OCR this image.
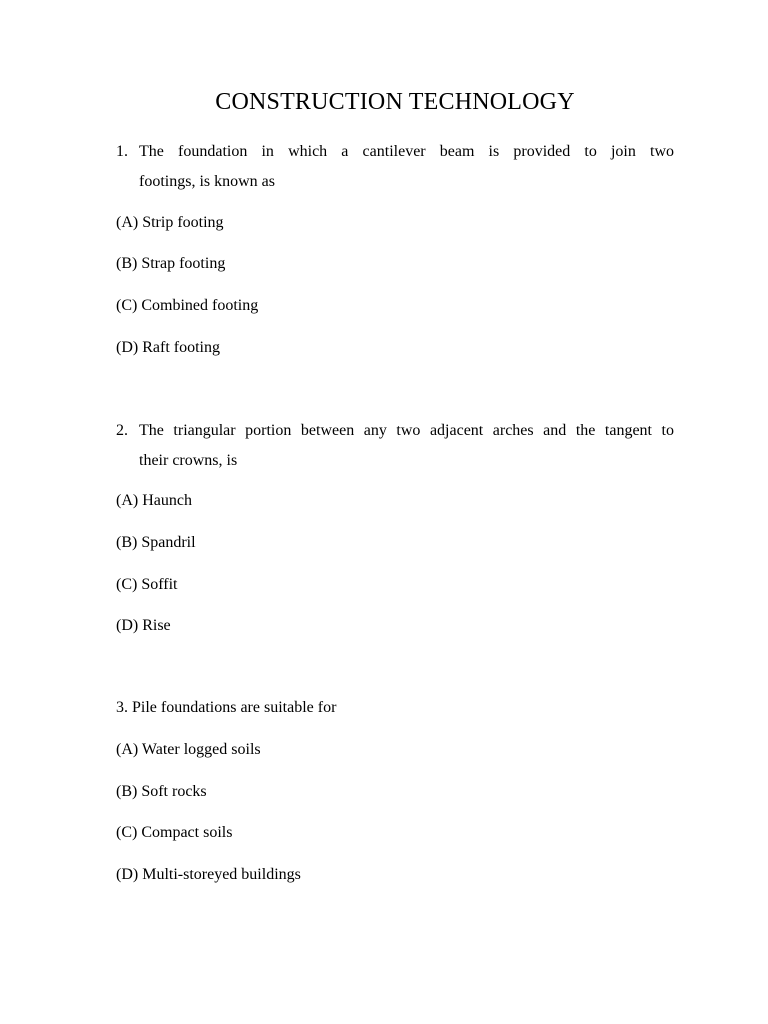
CONSTRUCTION TECHNOLOGY
1. The foundation in which a cantilever beam is provided to join two
footings, is known as
(A) Strip footing
(B) Strap footing
(C) Combined footing
(D) Raft footing
2. The triangular portion between any two adjacent arches and the tangent to
their crowns, is
(A) Haunch
(B) Spandril
(C) Soffit
(D) Rise
3. Pile foundations are suitable for
(A) Water logged soils
(B) Soft rocks
(C) Compact soils
(D) Multi-storeyed buildings
